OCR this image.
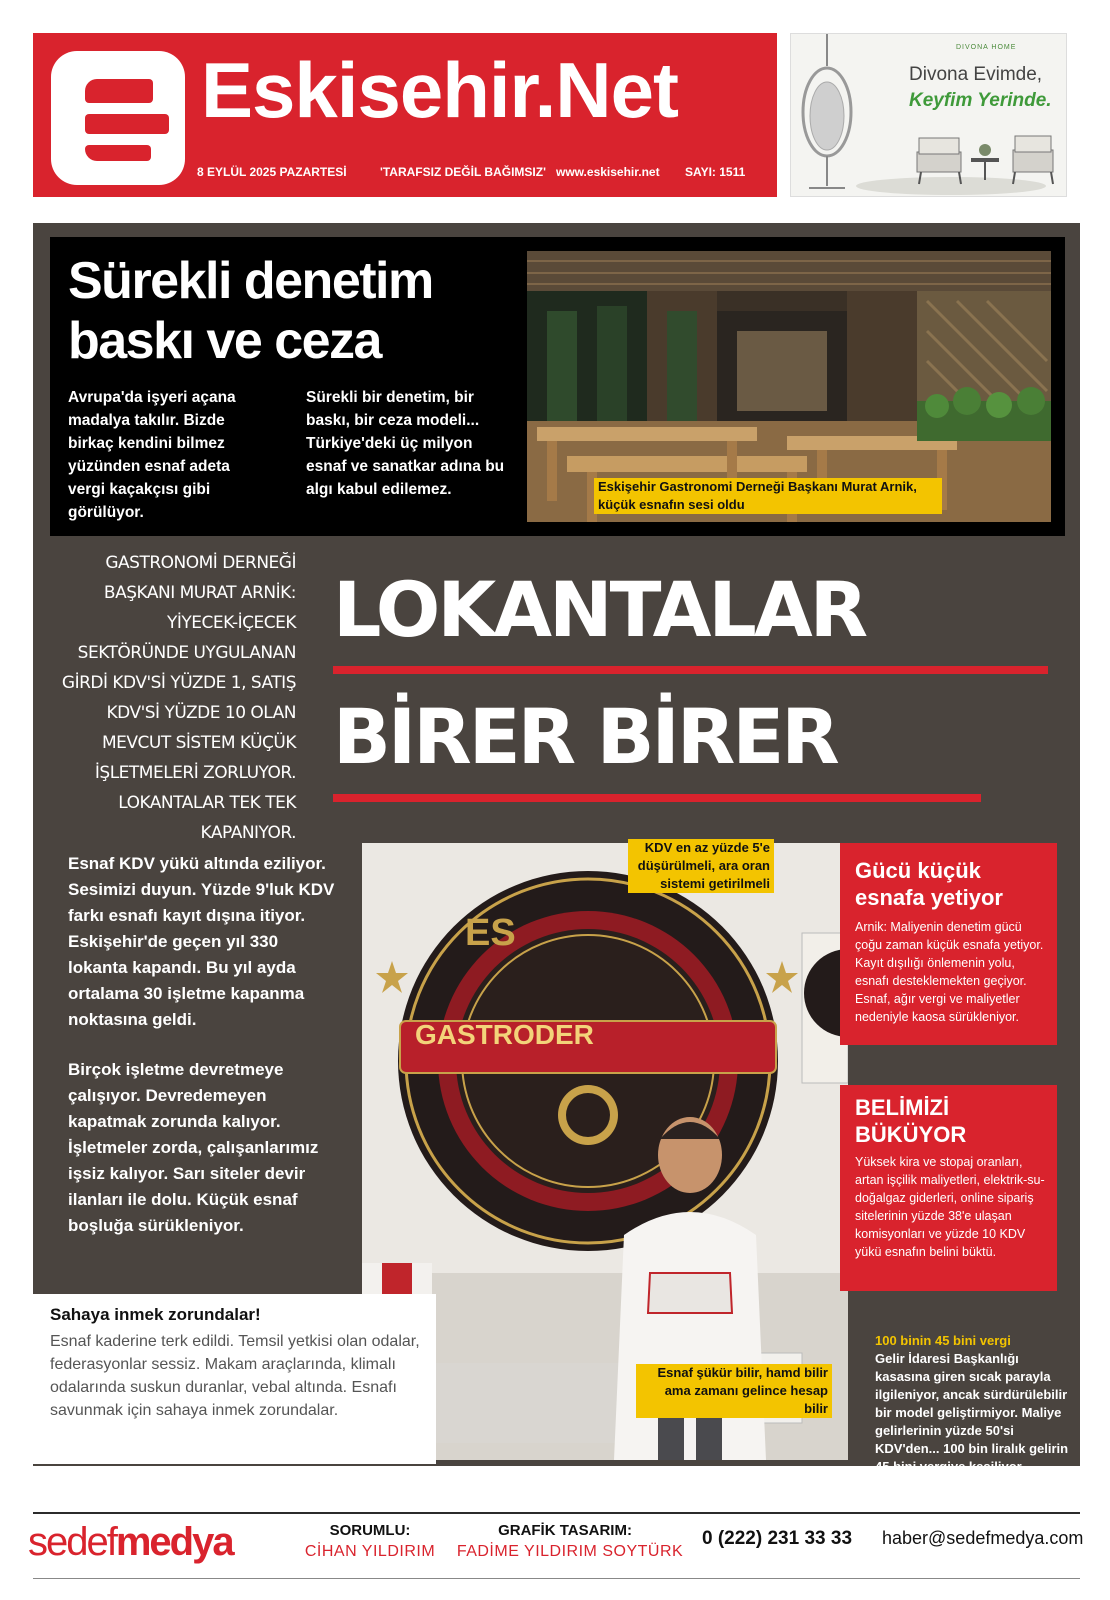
Eskisehir.Net
8 EYLÜL 2025 PAZARTESİ	'TARAFSIZ DEĞİL BAĞIMSIZ' www.eskisehir.net SAYI: 1511
DIVONA HOME
Divona Evimde,
Keyfim Yerinde.
Sürekli denetim
baskı ve ceza
Avrupa'da işyeri açana madalya takılır. Bizde birkaç kendini bilmez yüzünden esnaf adeta vergi kaçakçısı gibi görülüyor.
Sürekli bir denetim, bir baskı, bir ceza modeli... Türkiye'deki üç milyon esnaf ve sanatkar adına bu algı kabul edilemez.	Eskişehir Gastronomi Derneği Başkanı Murat Arnik, küçük esnafın sesi oldu
GASTRONOMİ DERNEĞİ BAŞKANI MURAT ARNİK: YİYECEK-İÇECEK SEKTÖRÜNDE UYGULANAN GİRDİ KDV'Sİ YÜZDE 1, SATIŞ KDV'Sİ YÜZDE 10 OLAN MEVCUT SİSTEM KÜÇÜK İŞLETMELERİ ZORLUYOR. LOKANTALAR TEK TEK KAPANIYOR.
LOKANTALAR
BİRER BİRER
Esnaf KDV yükü altında eziliyor. Sesimizi duyun. Yüzde 9'luk KDV farkı esnafı kayıt dışına itiyor. Eskişehir'de geçen yıl 330 lokanta kapandı. Bu yıl ayda ortalama 30 işletme kapanma noktasına geldi.
Birçok işletme devretmeye çalışıyor. Devredemeyen kapatmak zorunda kalıyor. İşletmeler zorda, çalışanlarımız işsiz kalıyor. Sarı siteler devir ilanları ile dolu. Küçük esnaf boşluğa sürükleniyor.
ES
GASTRODER
KDV en az yüzde 5'e düşürülmeli, ara oran sistemi getirilmeli
Esnaf şükür bilir, hamd bilir ama zamanı gelince hesap bilir
Gücü küçük
esnafa yetiyor
Arnik: Maliyenin denetim gücü çoğu zaman küçük esnafa yetiyor. Kayıt dışılığı önlemenin yolu, esnafı desteklemekten geçiyor. Esnaf, ağır vergi ve maliyetler nedeniyle kaosa sürükleniyor.
BELİMİZİ
BÜKÜYOR
Yüksek kira ve stopaj oranları, artan işçilik maliyetleri, elektrik-su-doğalgaz giderleri, online sipariş sitelerinin yüzde 38'e ulaşan komisyonları ve yüzde 10 KDV yükü esnafın belini büktü.
100 binin 45 bini vergi
Gelir İdaresi Başkanlığı kasasına giren sıcak parayla ilgileniyor, ancak sürdürülebilir bir model geliştirmiyor. Maliye gelirlerinin yüzde 50'si KDV'den... 100 bin liralık gelirin 45 bini vergiye kesiliyor.
Sahaya inmek zorundalar!
Esnaf kaderine terk edildi. Temsil yetkisi olan odalar, federasyonlar sessiz. Makam araçlarında, klimalı odalarında suskun duranlar, vebal altında. Esnafı savunmak için sahaya inmek zorundalar.
sedefmedya	SORUMLU:
CİHAN YILDIRIM
GRAFİK TASARIM:
FADİME YILDIRIM SOYTÜRK
0 (222) 231 33 33 haber@sedefmedya.com
